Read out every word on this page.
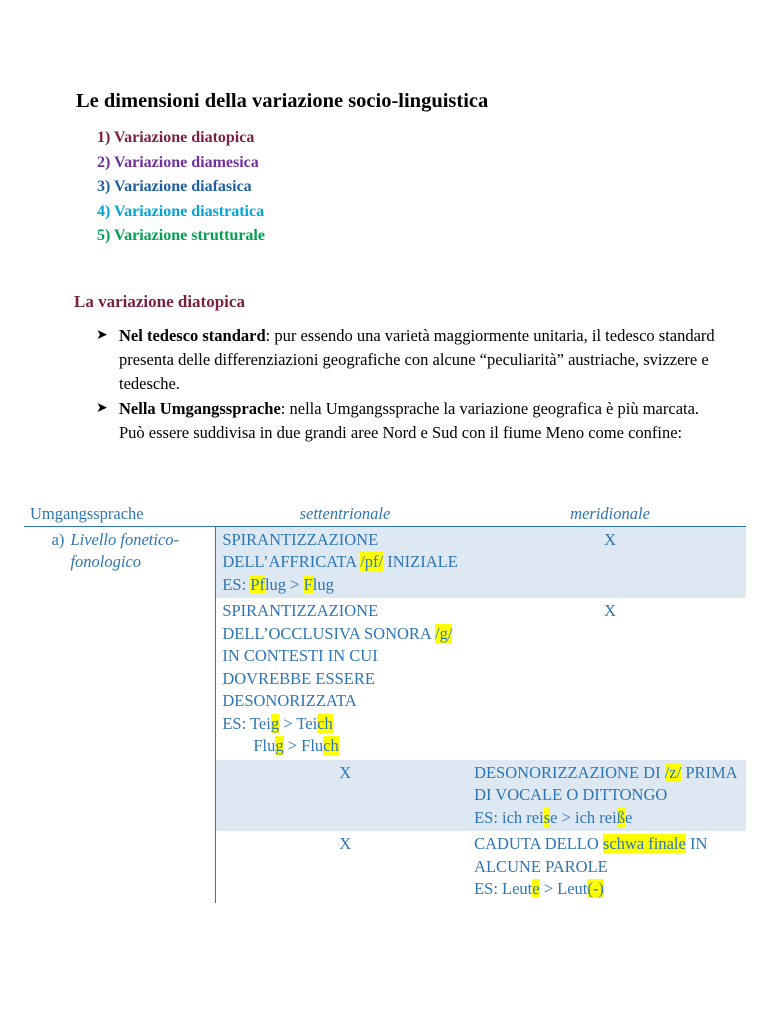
Le dimensioni della variazione socio-linguistica
1) Variazione diatopica
2) Variazione diamesica
3) Variazione diafasica
4) Variazione diastratica
5) Variazione strutturale
La variazione diatopica
➤ Nel tedesco standard: pur essendo una varietà maggiormente unitaria, il tedesco standard presenta delle differenziazioni geografiche con alcune “peculiarità” austriache, svizzere e tedesche.
➤ Nella Umgangssprache: nella Umgangssprache la variazione geografica è più marcata. Può essere suddivisa in due grandi aree Nord e Sud con il fiume Meno come confine:
Umgangssprache	settentrionale	meridionale

a) Livello fonetico-fonologico	SPIRANTIZZAZIONE DELL’AFFRICATA /pf/ INIZIALE
ES: Pflug > Flug	X
	SPIRANTIZZAZIONE DELL’OCCLUSIVA SONORA /g/ IN CONTESTI IN CUI DOVREBBE ESSERE DESONORIZZATA
ES: Teig > Teich
Flug > Fluch	X
	X	DESONORIZZAZIONE DI /z/ PRIMA DI VOCALE O DITTONGO
ES: ich reise > ich reiße
	X	CADUTA DELLO schwa finale IN ALCUNE PAROLE
ES: Leute > Leut(-)
